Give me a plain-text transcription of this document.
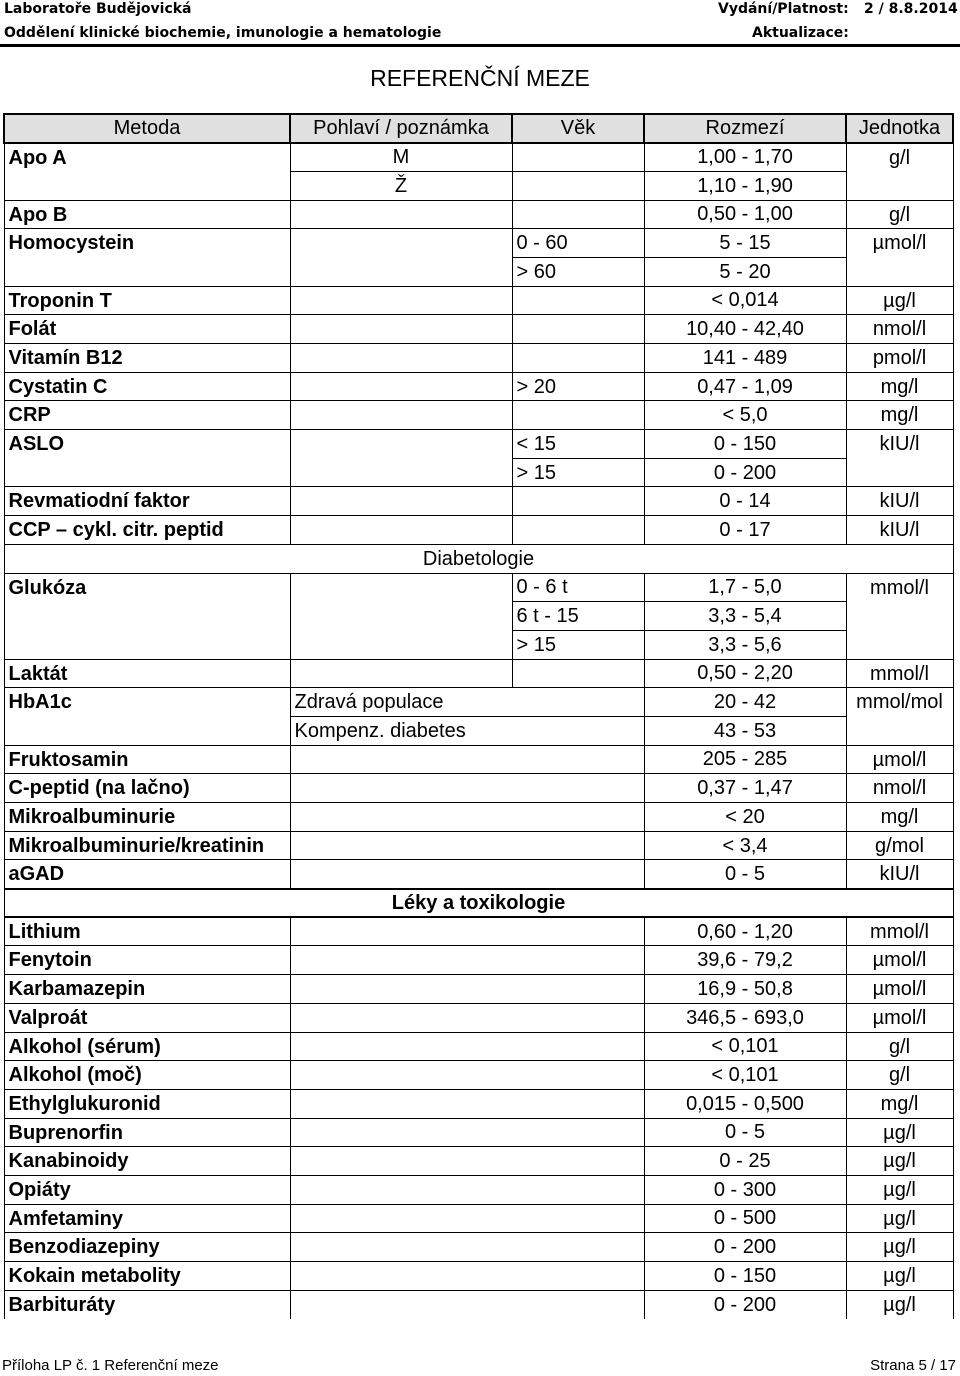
Laboratoře Budějovická
Oddělení klinické biochemie, imunologie a hematologie
Vydání/Platnost: 2 / 8.8.2014
Aktualizace:
REFERENČNÍ MEZE
Metoda	Pohlaví / poznámka	Věk	Rozmezí	Jednotka
Apo A	M		1,00 - 1,70	g/l
	Ž		1,10 - 1,90	
Apo B			0,50 - 1,00	g/l
Homocystein		0 - 60	5 - 15	µmol/l
		> 60	5 - 20	
Troponin T			< 0,014	µg/l
Folát			10,40 - 42,40	nmol/l
Vitamín B12			141 - 489	pmol/l
Cystatin C		> 20	0,47 - 1,09	mg/l
CRP			< 5,0	mg/l
ASLO		< 15	0 - 150	kIU/l
		> 15	0 - 200	
Revmatiodní faktor			0 - 14	kIU/l
CCP – cykl. citr. peptid			0 - 17	kIU/l
Diabetologie				
Glukóza		0 - 6 t	1,7 - 5,0	mmol/l
		6 t - 15	3,3 - 5,4	
		> 15	3,3 - 5,6	
Laktát			0,50 - 2,20	mmol/l
HbA1c	Zdravá populace		20 - 42	mmol/mol
	Kompenz. diabetes		43 - 53	
Fruktosamin			205 - 285	µmol/l
C-peptid (na lačno)			0,37 - 1,47	nmol/l
Mikroalbuminurie			< 20	mg/l
Mikroalbuminurie/kreatinin			< 3,4	g/mol
aGAD			0 - 5	kIU/l
Léky a toxikologie				
Lithium			0,60 - 1,20	mmol/l
Fenytoin			39,6 - 79,2	µmol/l
Karbamazepin			16,9 - 50,8	µmol/l
Valproát			346,5 - 693,0	µmol/l
Alkohol (sérum)			< 0,101	g/l
Alkohol (moč)			< 0,101	g/l
Ethylglukuronid			0,015 - 0,500	mg/l
Buprenorfin			0 - 5	µg/l
Kanabinoidy			0 - 25	µg/l
Opiáty			0 - 300	µg/l
Amfetaminy			0 - 500	µg/l
Benzodiazepiny			0 - 200	µg/l
Kokain metabolity			0 - 150	µg/l
Barbituráty			0 - 200	µg/l
Příloha LP č. 1 Referenční meze	Strana 5 / 17
